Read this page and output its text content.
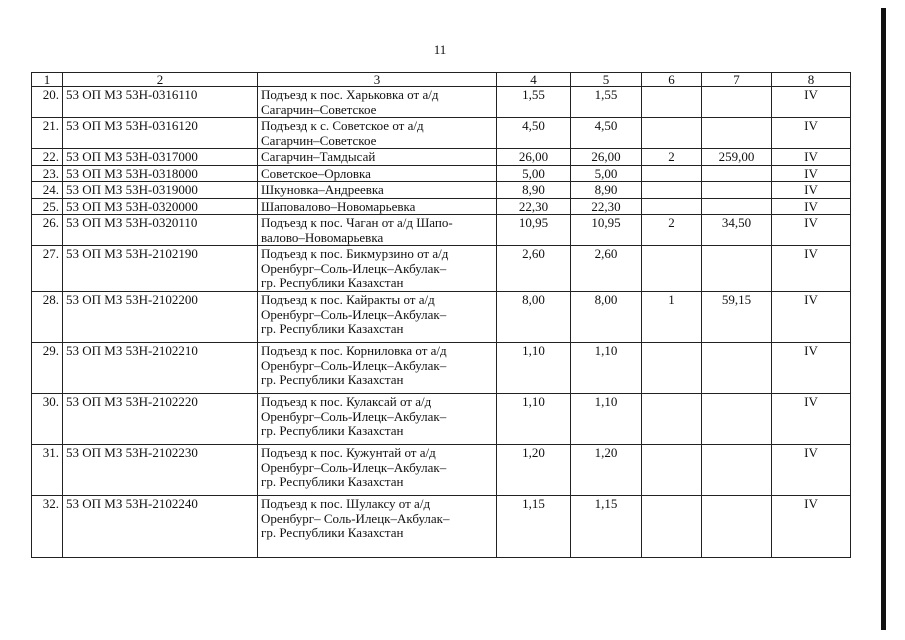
11
1	2	3	4	5	6	7	8
20.	53 ОП МЗ 53Н-0316110	Подъезд к пос. Харьковка от а/д
Сагарчин–Советское	1,55	1,55			IV
21.	53 ОП МЗ 53Н-0316120	Подъезд к с. Советское от а/д
Сагарчин–Советское	4,50	4,50			IV
22.	53 ОП МЗ 53Н-0317000	Сагарчин–Тамдысай	26,00	26,00	2	259,00	IV
23.	53 ОП МЗ 53Н-0318000	Советское–Орловка	5,00	5,00			IV
24.	53 ОП МЗ 53Н-0319000	Шкуновка–Андреевка	8,90	8,90			IV
25.	53 ОП МЗ 53Н-0320000	Шаповалово–Новомарьевка	22,30	22,30			IV
26.	53 ОП МЗ 53Н-0320110	Подъезд к пос. Чаган от а/д Шапо-
валово–Новомарьевка	10,95	10,95	2	34,50	IV
27.	53 ОП МЗ 53Н-2102190	Подъезд к пос. Бикмурзино от а/д
Оренбург–Соль-Илецк–Акбулак–
гр. Республики Казахстан	2,60	2,60			IV
28.	53 ОП МЗ 53Н-2102200	Подъезд к пос. Кайракты от а/д
Оренбург–Соль-Илецк–Акбулак–
гр. Республики Казахстан	8,00	8,00	1	59,15	IV
29.	53 ОП МЗ 53Н-2102210	Подъезд к пос. Корниловка от а/д
Оренбург–Соль-Илецк–Акбулак–
гр. Республики Казахстан	1,10	1,10			IV
30.	53 ОП МЗ 53Н-2102220	Подъезд к пос. Кулаксай от а/д
Оренбург–Соль-Илецк–Акбулак–
гр. Республики Казахстан	1,10	1,10			IV
31.	53 ОП МЗ 53Н-2102230	Подъезд к пос. Кужунтай от а/д
Оренбург–Соль-Илецк–Акбулак–
гр. Республики Казахстан	1,20	1,20			IV
32.	53 ОП МЗ 53Н-2102240	Подъезд к пос. Шулаксу от а/д
Оренбург– Соль-Илецк–Акбулак–
гр. Республики Казахстан	1,15	1,15			IV
